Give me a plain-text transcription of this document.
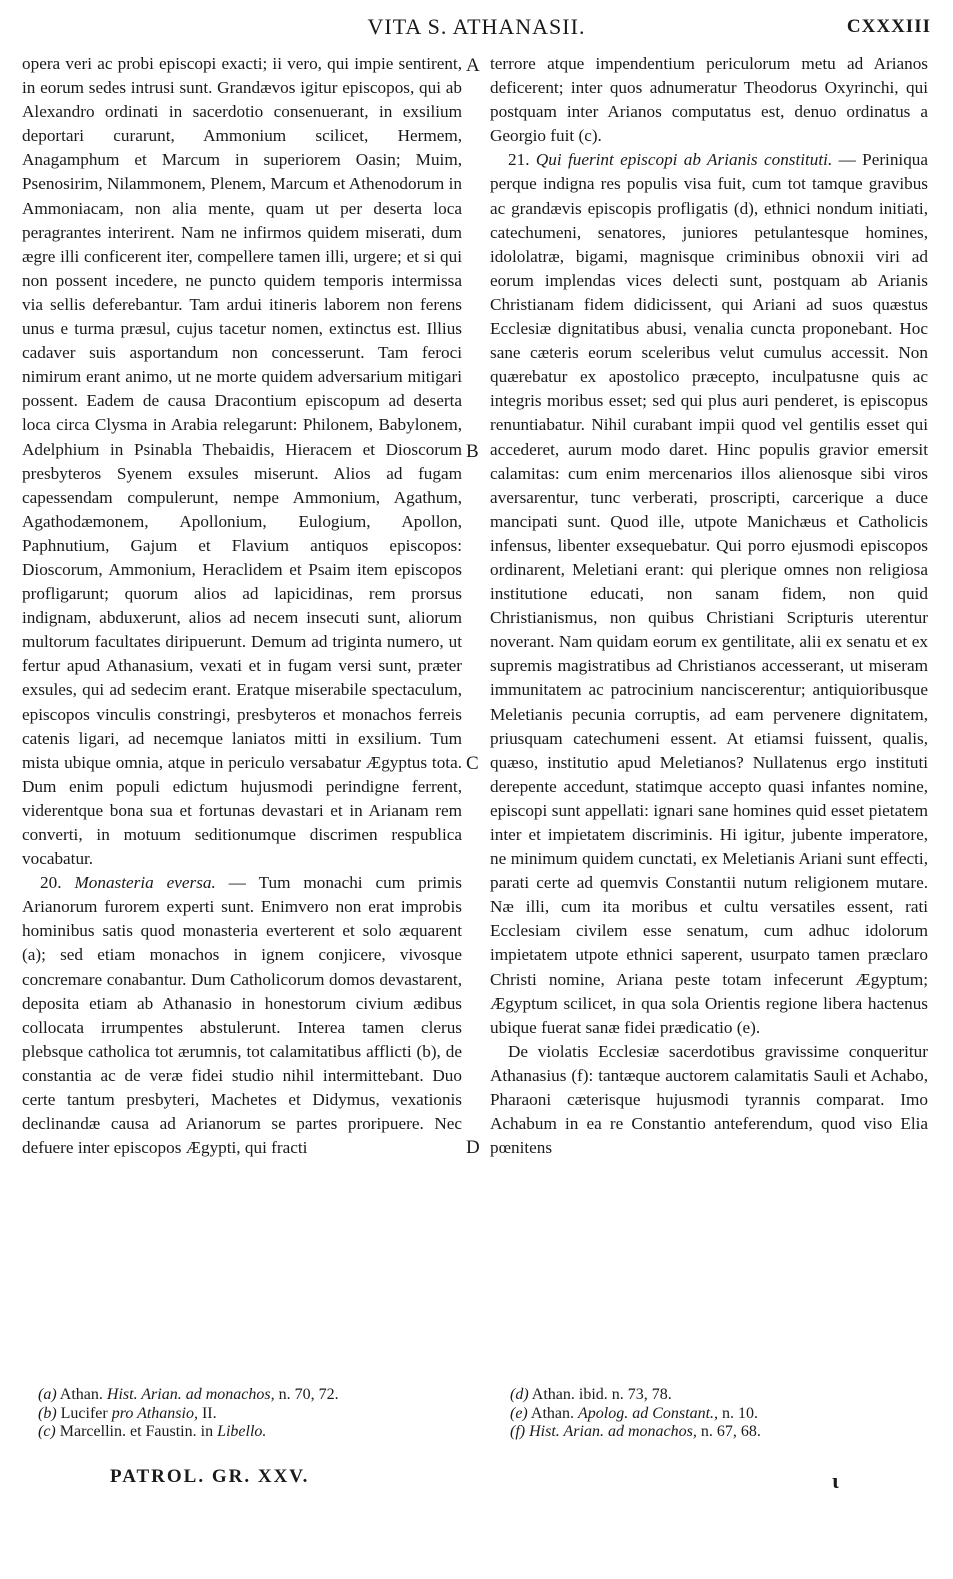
VITA S. ATHANASII.	CXXXIII
A
B
C
D

opera veri ac probi episcopi exacti; ii vero, qui impie sentirent, in eorum sedes intrusi sunt. Grandævos igitur episcopos, qui ab Alexandro ordinati in sacerdotio consenuerant, in exsilium deportari curarunt, Ammonium scilicet, Hermem, Anagamphum et Marcum in superiorem Oasin; Muim, Psenosirim, Nilammonem, Plenem, Marcum et Athenodorum in Ammoniacam, non alia mente, quam ut per deserta loca peragrantes interirent. Nam ne infirmos quidem miserati, dum ægre illi conficerent iter, compellere tamen illi, urgere; et si qui non possent incedere, ne puncto quidem temporis intermissa via sellis deferebantur. Tam ardui itineris laborem non ferens unus e turma præsul, cujus tacetur nomen, extinctus est. Illius cadaver suis asportandum non concesserunt. Tam feroci nimirum erant animo, ut ne morte quidem adversarium mitigari possent. Eadem de causa Dracontium episcopum ad deserta loca circa Clysma in Arabia relegarunt: Philonem, Babylonem, Adelphium in Psinabla Thebaidis, Hieracem et Dioscorum presbyteros Syenem exsules miserunt. Alios ad fugam capessendam compulerunt, nempe Ammonium, Agathum, Agathodæmonem, Apollonium, Eulogium, Apollon, Paphnutium, Gajum et Flavium antiquos episcopos: Dioscorum, Ammonium, Heraclidem et Psaim item episcopos profligarunt; quorum alios ad lapicidinas, rem prorsus indignam, abduxerunt, alios ad necem insecuti sunt, aliorum multorum facultates diripuerunt. Demum ad triginta numero, ut fertur apud Athanasium, vexati et in fugam versi sunt, præter exsules, qui ad sedecim erant. Eratque miserabile spectaculum, episcopos vinculis constringi, presbyteros et monachos ferreis catenis ligari, ad necemque laniatos mitti in exsilium. Tum mista ubique omnia, atque in periculo versabatur Ægyptus tota. Dum enim populi edictum hujusmodi perindigne ferrent, viderentque bona sua et fortunas devastari et in Arianam rem converti, in motuum seditionumque discrimen respublica vocabatur.

20. Monasteria eversa. — Tum monachi cum primis Arianorum furorem experti sunt. Enimvero non erat improbis hominibus satis quod monasteria everterent et solo æquarent (a); sed etiam monachos in ignem conjicere, vivosque concremare conabantur. Dum Catholicorum domos devastarent, deposita etiam ab Athanasio in honestorum civium ædibus collocata irrumpentes abstulerunt. Interea tamen clerus plebsque catholica tot ærumnis, tot calamitatibus afflicti (b), de constantia ac de veræ fidei studio nihil intermittebant. Duo certe tantum presbyteri, Machetes et Didymus, vexationis declinandæ causa ad Arianorum se partes proripuere. Nec defuere inter episcopos Ægypti, qui fracti

terrore atque impendentium periculorum metu ad Arianos deficerent; inter quos adnumeratur Theodorus Oxyrinchi, qui postquam inter Arianos computatus est, denuo ordinatus a Georgio fuit (c).

21. Qui fuerint episcopi ab Arianis constituti. — Periniqua perque indigna res populis visa fuit, cum tot tamque gravibus ac grandævis episcopis profligatis (d), ethnici nondum initiati, catechumeni, senatores, juniores petulantesque homines, idololatræ, bigami, magnisque criminibus obnoxii viri ad eorum implendas vices delecti sunt, postquam ab Arianis Christianam fidem didicissent, qui Ariani ad suos quæstus Ecclesiæ dignitatibus abusi, venalia cuncta proponebant. Hoc sane cæteris eorum sceleribus velut cumulus accessit. Non quærebatur ex apostolico præcepto, inculpatusne quis ac integris moribus esset; sed qui plus auri penderet, is episcopus renuntiabatur. Nihil curabant impii quod vel gentilis esset qui accederet, aurum modo daret. Hinc populis gravior emersit calamitas: cum enim mercenarios illos alienosque sibi viros aversarentur, tunc verberati, proscripti, carcerique a duce mancipati sunt. Quod ille, utpote Manichæus et Catholicis infensus, libenter exsequebatur. Qui porro ejusmodi episcopos ordinarent, Meletiani erant: qui plerique omnes non religiosa institutione educati, non sanam fidem, non quid Christianismus, non quibus Christiani Scripturis uterentur noverant. Nam quidam eorum ex gentilitate, alii ex senatu et ex supremis magistratibus ad Christianos accesserant, ut miseram immunitatem ac patrocinium nanciscerentur; antiquioribusque Meletianis pecunia corruptis, ad eam pervenere dignitatem, priusquam catechumeni essent. At etiamsi fuissent, qualis, quæso, institutio apud Meletianos? Nullatenus ergo instituti derepente accedunt, statimque accepto quasi infantes nomine, episcopi sunt appellati: ignari sane homines quid esset pietatem inter et impietatem discriminis. Hi igitur, jubente imperatore, ne minimum quidem cunctati, ex Meletianis Ariani sunt effecti, parati certe ad quemvis Constantii nutum religionem mutare. Næ illi, cum ita moribus et cultu versatiles essent, rati Ecclesiam civilem esse senatum, cum adhuc idolorum impietatem utpote ethnici saperent, usurpato tamen præclaro Christi nomine, Ariana peste totam infecerunt Ægyptum; Ægyptum scilicet, in qua sola Orientis regione libera hactenus ubique fuerat sanæ fidei prædicatio (e).

De violatis Ecclesiæ sacerdotibus gravissime conqueritur Athanasius (f): tantæque auctorem calamitatis Sauli et Achabo, Pharaoni cæterisque hujusmodi tyrannis comparat. Imo Achabum in ea re Constantio anteferendum, quod viso Elia pœnitens

(a) Athan. Hist. Arian. ad monachos, n. 70, 72.
(b) Lucifer pro Athansio, II.
(c) Marcellin. et Faustin. in Libello.
(d) Athan. ibid. n. 73, 78.
(e) Athan. Apolog. ad Constant., n. 10.
(f) Hist. Arian. ad monachos, n. 67, 68.
PATROL. GR. XXV.	ɩ
